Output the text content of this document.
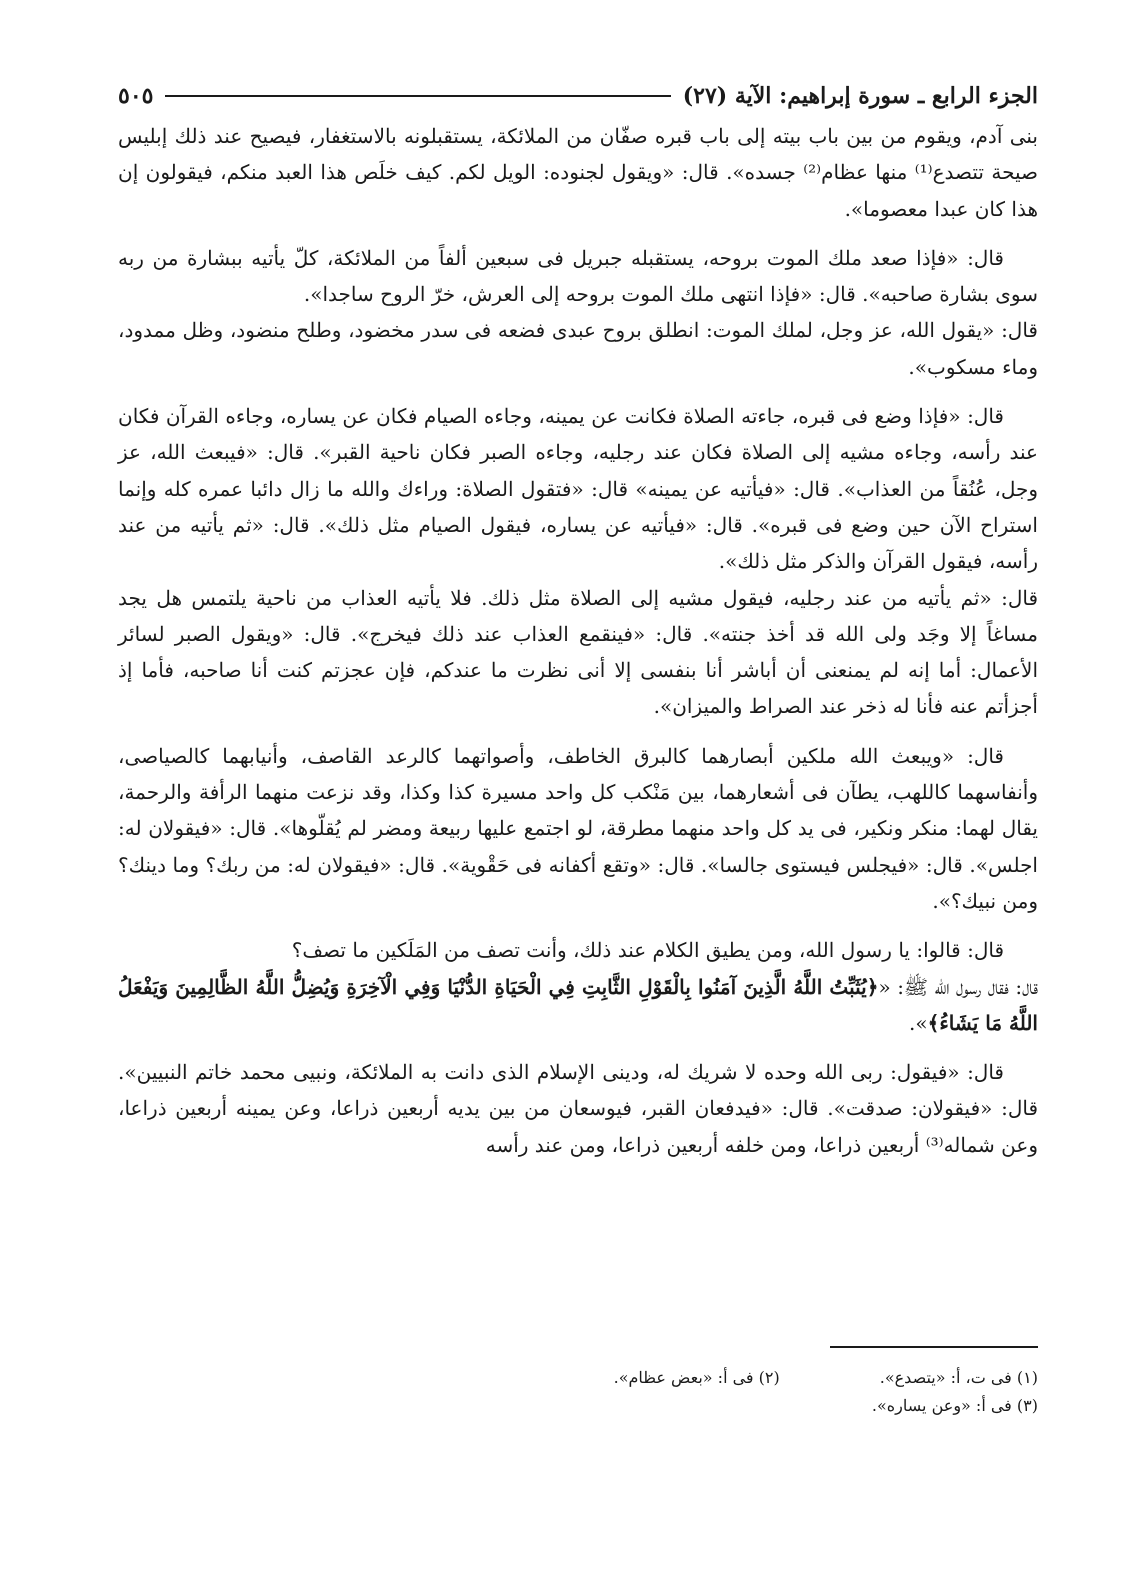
الجزء الرابع ـ سورة إبراهيم: الآية (٢٧)
٥٠٥

بنى آدم، ويقوم من بين باب بيته إلى باب قبره صفّان من الملائكة، يستقبلونه بالاستغفار، فيصيح عند ذلك إبليس صيحة تتصدع⁽¹⁾ منها عظام⁽²⁾ جسده». قال: «ويقول لجنوده: الويل لكم. كيف خلَص هذا العبد منكم، فيقولون إن هذا كان عبدا معصوما».

قال: «فإذا صعد ملك الموت بروحه، يستقبله جبريل فى سبعين ألفاً من الملائكة، كلّ يأتيه ببشارة من ربه سوى بشارة صاحبه». قال: «فإذا انتهى ملك الموت بروحه إلى العرش، خرّ الروح ساجدا».

قال: «يقول الله، عز وجل، لملك الموت: انطلق بروح عبدى فضعه فى سدر مخضود، وطلح منضود، وظل ممدود، وماء مسكوب».

قال: «فإذا وضع فى قبره، جاءته الصلاة فكانت عن يمينه، وجاءه الصيام فكان عن يساره، وجاءه القرآن فكان عند رأسه، وجاءه مشيه إلى الصلاة فكان عند رجليه، وجاءه الصبر فكان ناحية القبر». قال: «فيبعث الله، عز وجل، عُنُقاً من العذاب». قال: «فيأتيه عن يمينه» قال: «فتقول الصلاة: وراءك والله ما زال دائبا عمره كله وإنما استراح الآن حين وضع فى قبره». قال: «فيأتيه عن يساره، فيقول الصيام مثل ذلك». قال: «ثم يأتيه من عند رأسه، فيقول القرآن والذكر مثل ذلك».

قال: «ثم يأتيه من عند رجليه، فيقول مشيه إلى الصلاة مثل ذلك. فلا يأتيه العذاب من ناحية يلتمس هل يجد مساغاً إلا وجَد ولى الله قد أخذ جنته». قال: «فينقمع العذاب عند ذلك فيخرج». قال: «ويقول الصبر لسائر الأعمال: أما إنه لم يمنعنى أن أباشر أنا بنفسى إلا أنى نظرت ما عندكم، فإن عجزتم كنت أنا صاحبه، فأما إذ أجزأتم عنه فأنا له ذخر عند الصراط والميزان».

قال: «ويبعث الله ملكين أبصارهما كالبرق الخاطف، وأصواتهما كالرعد القاصف، وأنيابهما كالصياصى، وأنفاسهما كاللهب، يطآن فى أشعارهما، بين مَنْكب كل واحد مسيرة كذا وكذا، وقد نزعت منهما الرأفة والرحمة، يقال لهما: منكر ونكير، فى يد كل واحد منهما مطرقة، لو اجتمع عليها ربيعة ومضر لم يُقلّوها». قال: «فيقولان له: اجلس». قال: «فيجلس فيستوى جالسا». قال: «وتقع أكفانه فى حَقْوية». قال: «فيقولان له: من ربك؟ وما دينك؟ ومن نبيك؟».

قال: قالوا: يا رسول الله، ومن يطيق الكلام عند ذلك، وأنت تصف من المَلَكين ما تصف؟

قال: فقال رسول الله ﷺ: «﴿يُثَبِّتُ اللَّهُ الَّذِينَ آمَنُوا بِالْقَوْلِ الثَّابِتِ فِي الْحَيَاةِ الدُّنْيَا وَفِي الْآخِرَةِ وَيُضِلُّ اللَّهُ الظَّالِمِينَ وَيَفْعَلُ اللَّهُ مَا يَشَاءُ﴾».

قال: «فيقول: ربى الله وحده لا شريك له، ودينى الإسلام الذى دانت به الملائكة، ونبيى محمد خاتم النبيين». قال: «فيقولان: صدقت». قال: «فيدفعان القبر، فيوسعان من بين يديه أربعين ذراعا، وعن يمينه أربعين ذراعا، وعن شماله⁽³⁾ أربعين ذراعا، ومن خلفه أربعين ذراعا، ومن عند رأسه

(١) فى ت، أ: «يتصدع».
(٢) فى أ: «بعض عظام».
(٣) فى أ: «وعن يساره».
